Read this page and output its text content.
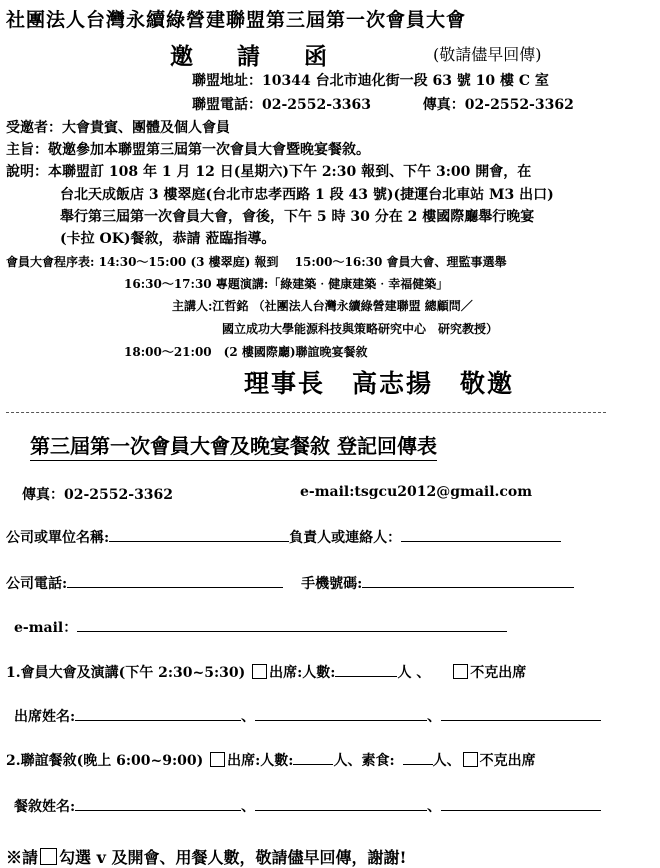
社團法人台灣永續綠營建聯盟第三屆第一次會員大會
邀請函	(敬請儘早回傳)
聯盟地址：10344 台北市迪化街一段 63 號 10 樓 C 室
聯盟電話：02-2552-3363	傳真：02-2552-3362
受邀者：大會貴賓、團體及個人會員
主旨：敬邀參加本聯盟第三屆第一次會員大會暨晚宴餐敘。
說明：本聯盟訂 108 年 1 月 12 日(星期六)下午 2:30 報到、下午 3:00 開會，在
台北天成飯店 3 樓翠庭(台北市忠孝西路 1 段 43 號)(捷運台北車站 M3 出口)
舉行第三屆第一次會員大會，會後，下午 5 時 30 分在 2 樓國際廳舉行晚宴
(卡拉 OK)餐敘，恭請 蒞臨指導。
會員大會程序表: 14:30～15:00 (3 樓翠庭) 報到　 15:00～16:30 會員大會、理監事選舉
16:30～17:30 專題演講:「綠建築‧健康建築‧幸福健築」
主講人:江哲銘 （社團法人台灣永續綠營建聯盟 總顧問／
國立成功大學能源科技與策略研究中心　研究教授）
18:00～21:00　(2 樓國際廳)聯誼晚宴餐敘
理事長　高志揚　敬邀
第三屆第一次會員大會及晚宴餐敘 登記回傳表
傳真：02-2552-3362	e-mail:tsgcu2012@gmail.com
公司或單位名稱:	負責人或連絡人：
公司電話:	手機號碼:
e-mail：
1.會員大會及演講(下午 2:30~5:30) 出席:人數:	人 、	不克出席
出席姓名:	、	、
2.聯誼餐敘(晚上 6:00~9:00) 出席:人數:	人、素食:	人、 不克出席
餐敘姓名:	、	、
※請 勾選 v 及開會、用餐人數，敬請儘早回傳，謝謝!
